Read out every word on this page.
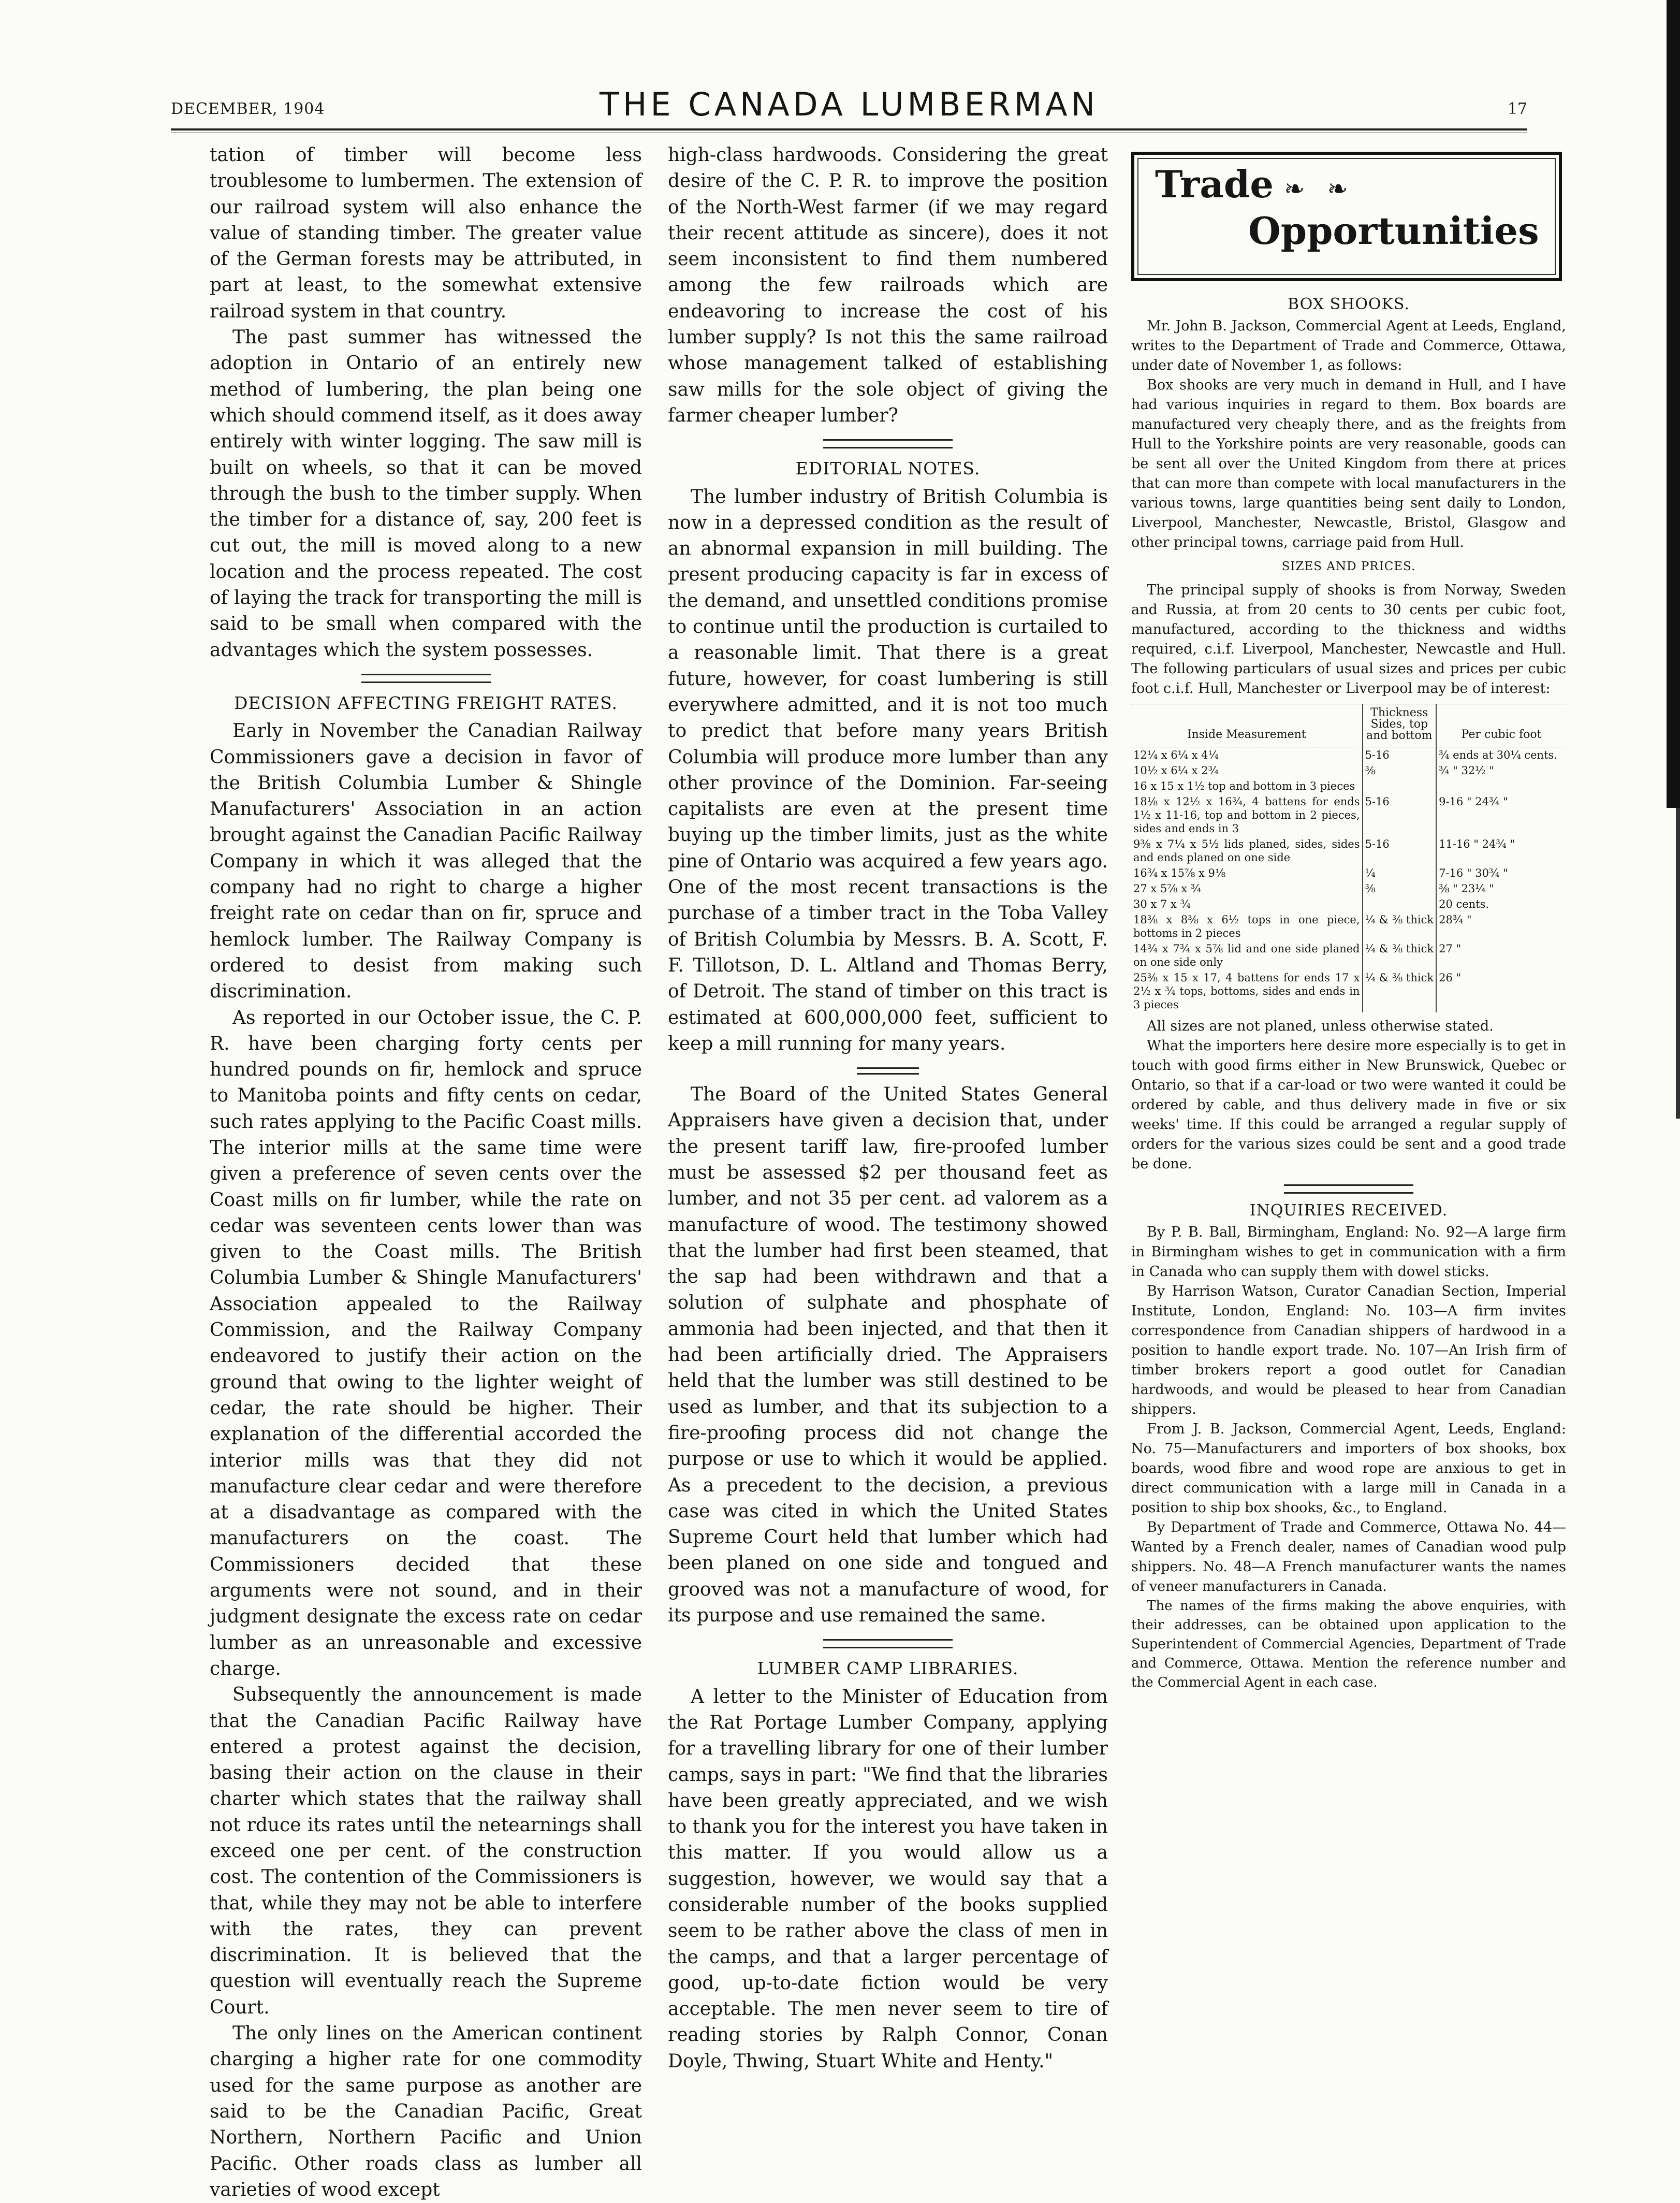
DECEMBER, 1904	THE CANADA LUMBERMAN	17

tation of timber will become less troublesome to lumbermen. The extension of our railroad system will also enhance the value of standing timber. The greater value of the German forests may be attributed, in part at least, to the somewhat extensive railroad system in that country.

The past summer has witnessed the adoption in Ontario of an entirely new method of lumbering, the plan being one which should commend itself, as it does away entirely with winter logging. The saw mill is built on wheels, so that it can be moved through the bush to the timber supply. When the timber for a distance of, say, 200 feet is cut out, the mill is moved along to a new location and the process repeated. The cost of laying the track for transporting the mill is said to be small when compared with the advantages which the system possesses.

DECISION AFFECTING FREIGHT RATES.

Early in November the Canadian Railway Commissioners gave a decision in favor of the British Columbia Lumber & Shingle Manufacturers' Association in an action brought against the Canadian Pacific Railway Company in which it was alleged that the company had no right to charge a higher freight rate on cedar than on fir, spruce and hemlock lumber. The Railway Company is ordered to desist from making such discrimination.

As reported in our October issue, the C. P. R. have been charging forty cents per hundred pounds on fir, hemlock and spruce to Manitoba points and fifty cents on cedar, such rates applying to the Pacific Coast mills. The interior mills at the same time were given a preference of seven cents over the Coast mills on fir lumber, while the rate on cedar was seventeen cents lower than was given to the Coast mills. The British Columbia Lumber & Shingle Manufacturers' Association appealed to the Railway Commission, and the Railway Company endeavored to justify their action on the ground that owing to the lighter weight of cedar, the rate should be higher. Their explanation of the differential accorded the interior mills was that they did not manufacture clear cedar and were therefore at a disadvantage as compared with the manufacturers on the coast. The Commissioners decided that these arguments were not sound, and in their judgment designate the excess rate on cedar lumber as an unreasonable and excessive charge.

Subsequently the announcement is made that the Canadian Pacific Railway have entered a protest against the decision, basing their action on the clause in their charter which states that the railway shall not rduce its rates until the netearnings shall exceed one per cent. of the construction cost. The contention of the Commissioners is that, while they may not be able to interfere with the rates, they can prevent discrimination. It is believed that the question will eventually reach the Supreme Court.

The only lines on the American continent charging a higher rate for one commodity used for the same purpose as another are said to be the Canadian Pacific, Great Northern, Northern Pacific and Union Pacific. Other roads class as lumber all varieties of wood except

high-class hardwoods. Considering the great desire of the C. P. R. to improve the position of the North-West farmer (if we may regard their recent attitude as sincere), does it not seem inconsistent to find them numbered among the few railroads which are endeavoring to increase the cost of his lumber supply? Is not this the same railroad whose management talked of establishing saw mills for the sole object of giving the farmer cheaper lumber?

EDITORIAL NOTES.

The lumber industry of British Columbia is now in a depressed condition as the result of an abnormal expansion in mill building. The present producing capacity is far in excess of the demand, and unsettled conditions promise to continue until the production is curtailed to a reasonable limit. That there is a great future, however, for coast lumbering is still everywhere admitted, and it is not too much to predict that before many years British Columbia will produce more lumber than any other province of the Dominion. Far-seeing capitalists are even at the present time buying up the timber limits, just as the white pine of Ontario was acquired a few years ago. One of the most recent transactions is the purchase of a timber tract in the Toba Valley of British Columbia by Messrs. B. A. Scott, F. F. Tillotson, D. L. Altland and Thomas Berry, of Detroit. The stand of timber on this tract is estimated at 600,000,000 feet, sufficient to keep a mill running for many years.

The Board of the United States General Appraisers have given a decision that, under the present tariff law, fire-proofed lumber must be assessed $2 per thousand feet as lumber, and not 35 per cent. ad valorem as a manufacture of wood. The testimony showed that the lumber had first been steamed, that the sap had been withdrawn and that a solution of sulphate and phosphate of ammonia had been injected, and that then it had been artificially dried. The Appraisers held that the lumber was still destined to be used as lumber, and that its subjection to a fire-proofing process did not change the purpose or use to which it would be applied. As a precedent to the decision, a previous case was cited in which the United States Supreme Court held that lumber which had been planed on one side and tongued and grooved was not a manufacture of wood, for its purpose and use remained the same.

LUMBER CAMP LIBRARIES.

A letter to the Minister of Education from the Rat Portage Lumber Company, applying for a travelling library for one of their lumber camps, says in part: "We find that the libraries have been greatly appreciated, and we wish to thank you for the interest you have taken in this matter. If you would allow us a suggestion, however, we would say that a considerable number of the books supplied seem to be rather above the class of men in the camps, and that a larger percentage of good, up-to-date fiction would be very acceptable. The men never seem to tire of reading stories by Ralph Connor, Conan Doyle, Thwing, Stuart White and Henty."

Trade ❧ ❧
Opportunities
BOX SHOOKS.

Mr. John B. Jackson, Commercial Agent at Leeds, England, writes to the Department of Trade and Commerce, Ottawa, under date of November 1, as follows:

Box shooks are very much in demand in Hull, and I have had various inquiries in regard to them. Box boards are manufactured very cheaply there, and as the freights from Hull to the Yorkshire points are very reasonable, goods can be sent all over the United Kingdom from there at prices that can more than compete with local manufacturers in the various towns, large quantities being sent daily to London, Liverpool, Manchester, Newcastle, Bristol, Glasgow and other principal towns, carriage paid from Hull.

SIZES AND PRICES.

The principal supply of shooks is from Norway, Sweden and Russia, at from 20 cents to 30 cents per cubic foot, manufactured, according to the thickness and widths required, c.i.f. Liverpool, Manchester, Newcastle and Hull. The following particulars of usual sizes and prices per cubic foot c.i.f. Hull, Manchester or Liverpool may be of interest:

Inside Measurement	Thickness Sides, top and bottom	Per cubic foot
12¼ x 6¼ x 4¼	5-16	¾ ends at 30¼ cents.
10½ x 6¼ x 2¾	⅜	¾ " 32½ "
16 x 15 x 1½ top and bottom in 3 pieces		
18⅛ x 12½ x 16¾, 4 battens for ends 1½ x 11-16, top and bottom in 2 pieces, sides and ends in 3	5-16	9-16 " 24¾ "
9⅜ x 7¼ x 5½ lids planed, sides, sides and ends planed on one side	5-16	11-16 " 24¾ "
16¾ x 15⅞ x 9⅛	¼	7-16 " 30¾ "
27 x 5⅞ x ¾	⅜	⅜ " 23¼ "
30 x 7 x ¾		20 cents.
18⅜ x 8⅜ x 6½ tops in one piece, bottoms in 2 pieces	¼ & ⅜ thick	28¾ "
14¾ x 7¾ x 5⅞ lid and one side planed on one side only	¼ & ⅜ thick	27 "
25⅜ x 15 x 17, 4 battens for ends 17 x 2½ x ¾ tops, bottoms, sides and ends in 3 pieces	¼ & ⅜ thick	26 "

All sizes are not planed, unless otherwise stated.

What the importers here desire more especially is to get in touch with good firms either in New Brunswick, Quebec or Ontario, so that if a car-load or two were wanted it could be ordered by cable, and thus delivery made in five or six weeks' time. If this could be arranged a regular supply of orders for the various sizes could be sent and a good trade be done.

INQUIRIES RECEIVED.

By P. B. Ball, Birmingham, England: No. 92—A large firm in Birmingham wishes to get in communication with a firm in Canada who can supply them with dowel sticks.

By Harrison Watson, Curator Canadian Section, Imperial Institute, London, England: No. 103—A firm invites correspondence from Canadian shippers of hardwood in a position to handle export trade. No. 107—An Irish firm of timber brokers report a good outlet for Canadian hardwoods, and would be pleased to hear from Canadian shippers.

From J. B. Jackson, Commercial Agent, Leeds, England: No. 75—Manufacturers and importers of box shooks, box boards, wood fibre and wood rope are anxious to get in direct communication with a large mill in Canada in a position to ship box shooks, &c., to England.

By Department of Trade and Commerce, Ottawa No. 44—Wanted by a French dealer, names of Canadian wood pulp shippers. No. 48—A French manufacturer wants the names of veneer manufacturers in Canada.

The names of the firms making the above enquiries, with their addresses, can be obtained upon application to the Superintendent of Commercial Agencies, Department of Trade and Commerce, Ottawa. Mention the reference number and the Commercial Agent in each case.
